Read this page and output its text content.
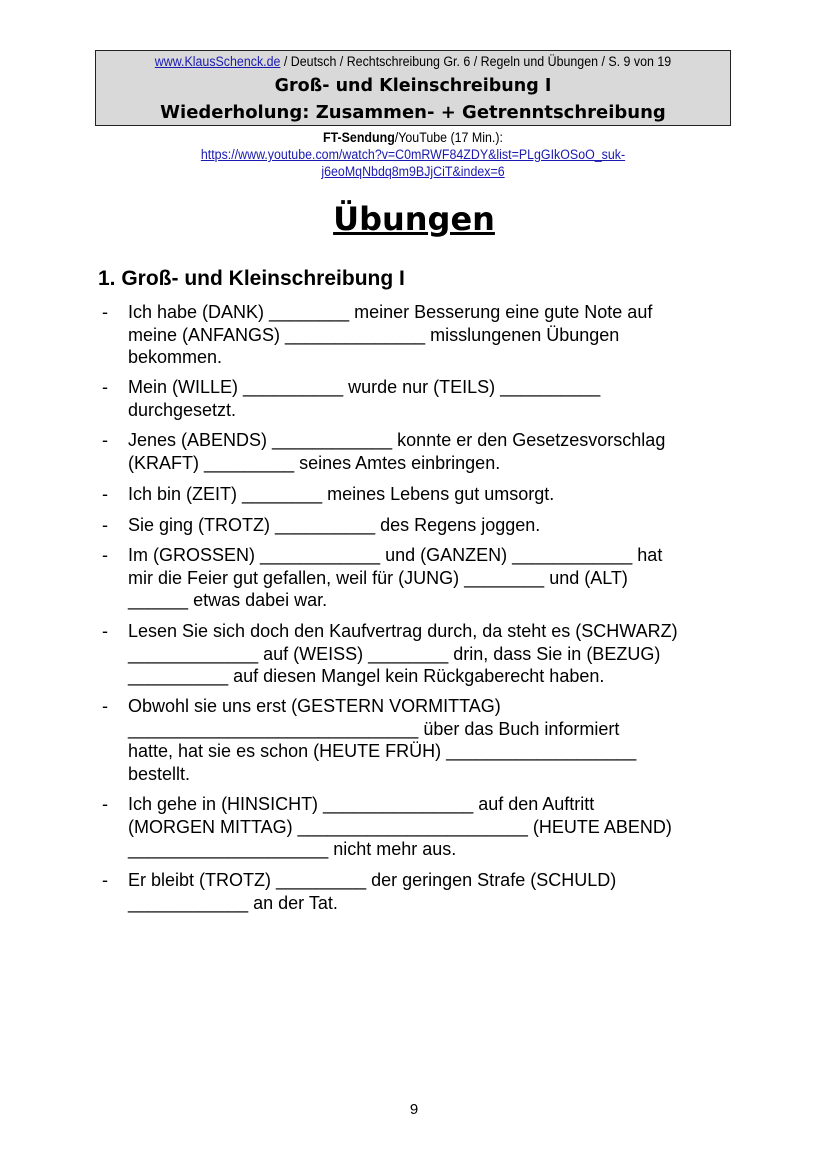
www.KlausSchenck.de / Deutsch / Rechtschreibung Gr. 6 / Regeln und Übungen / S. 9 von 19
Groß- und Kleinschreibung I
Wiederholung: Zusammen- + Getrenntschreibung
FT-Sendung/YouTube (17 Min.):
https://www.youtube.com/watch?v=C0mRWF84ZDY&list=PLgGIkOSoO_suk-
j6eoMqNbdq8m9BJjCiT&index=6
Übungen
1. Groß- und Kleinschreibung I
- Ich habe (DANK) ________ meiner Besserung eine gute Note auf
meine (ANFANGS) ______________ misslungenen Übungen
bekommen.
- Mein (WILLE) __________ wurde nur (TEILS) __________
durchgesetzt.
- Jenes (ABENDS) ____________ konnte er den Gesetzesvorschlag
(KRAFT) _________ seines Amtes einbringen.
- Ich bin (ZEIT) ________ meines Lebens gut umsorgt.
- Sie ging (TROTZ) __________ des Regens joggen.
- Im (GROSSEN) ____________ und (GANZEN) ____________ hat
mir die Feier gut gefallen, weil für (JUNG) ________ und (ALT)
______ etwas dabei war.
- Lesen Sie sich doch den Kaufvertrag durch, da steht es (SCHWARZ)
_____________ auf (WEISS) ________ drin, dass Sie in (BEZUG)
__________ auf diesen Mangel kein Rückgaberecht haben.
- Obwohl sie uns erst (GESTERN VORMITTAG)
_____________________________ über das Buch informiert
hatte, hat sie es schon (HEUTE FRÜH) ___________________
bestellt.
- Ich gehe in (HINSICHT) _______________ auf den Auftritt
(MORGEN MITTAG) _______________________ (HEUTE ABEND)
____________________ nicht mehr aus.
- Er bleibt (TROTZ) _________ der geringen Strafe (SCHULD)
____________ an der Tat.
9
